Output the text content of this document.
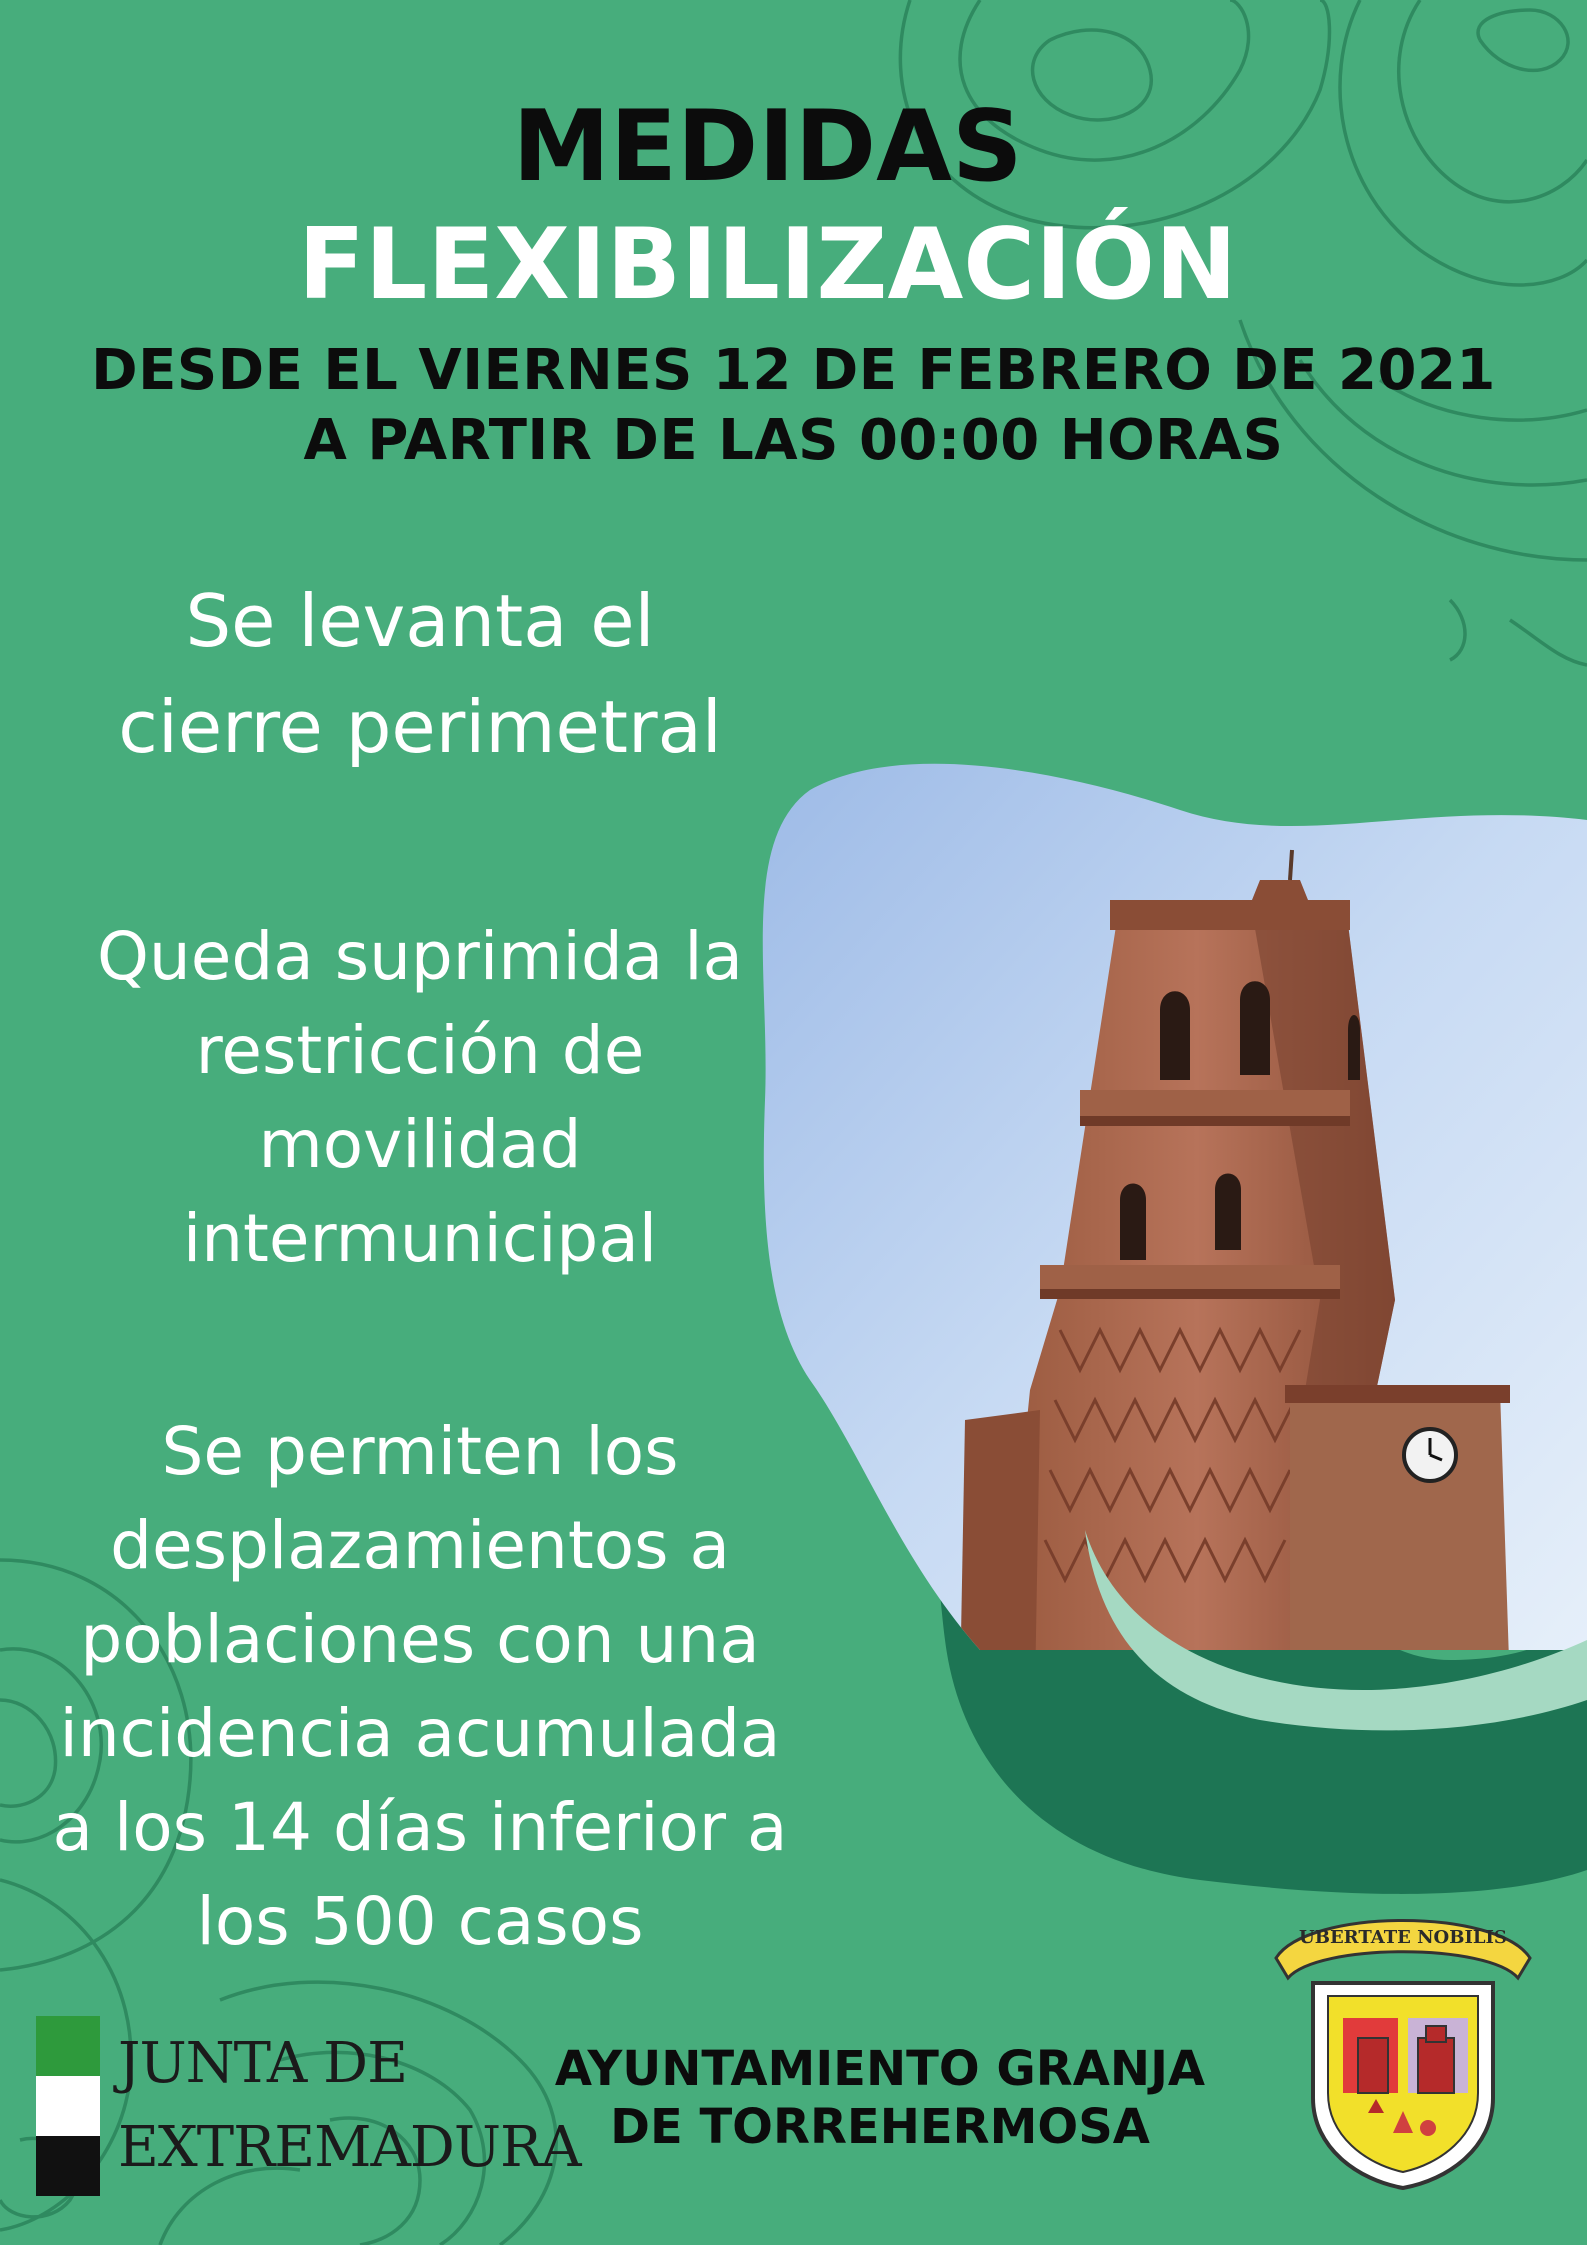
MEDIDAS
FLEXIBILIZACIÓN
DESDE EL VIERNES 12 DE FEBRERO DE 2021
A PARTIR DE LAS 00:00 HORAS
Se levanta el
cierre perimetral
Queda suprimida la
restricción de
movilidad
intermunicipal
Se permiten los
desplazamientos a
poblaciones con una
incidencia acumulada
a los 14 días inferior a
los 500 casos
JUNTA DE
EXTREMADURA
AYUNTAMIENTO GRANJA
DE TORREHERMOSA
UBERTATE NOBILIS
